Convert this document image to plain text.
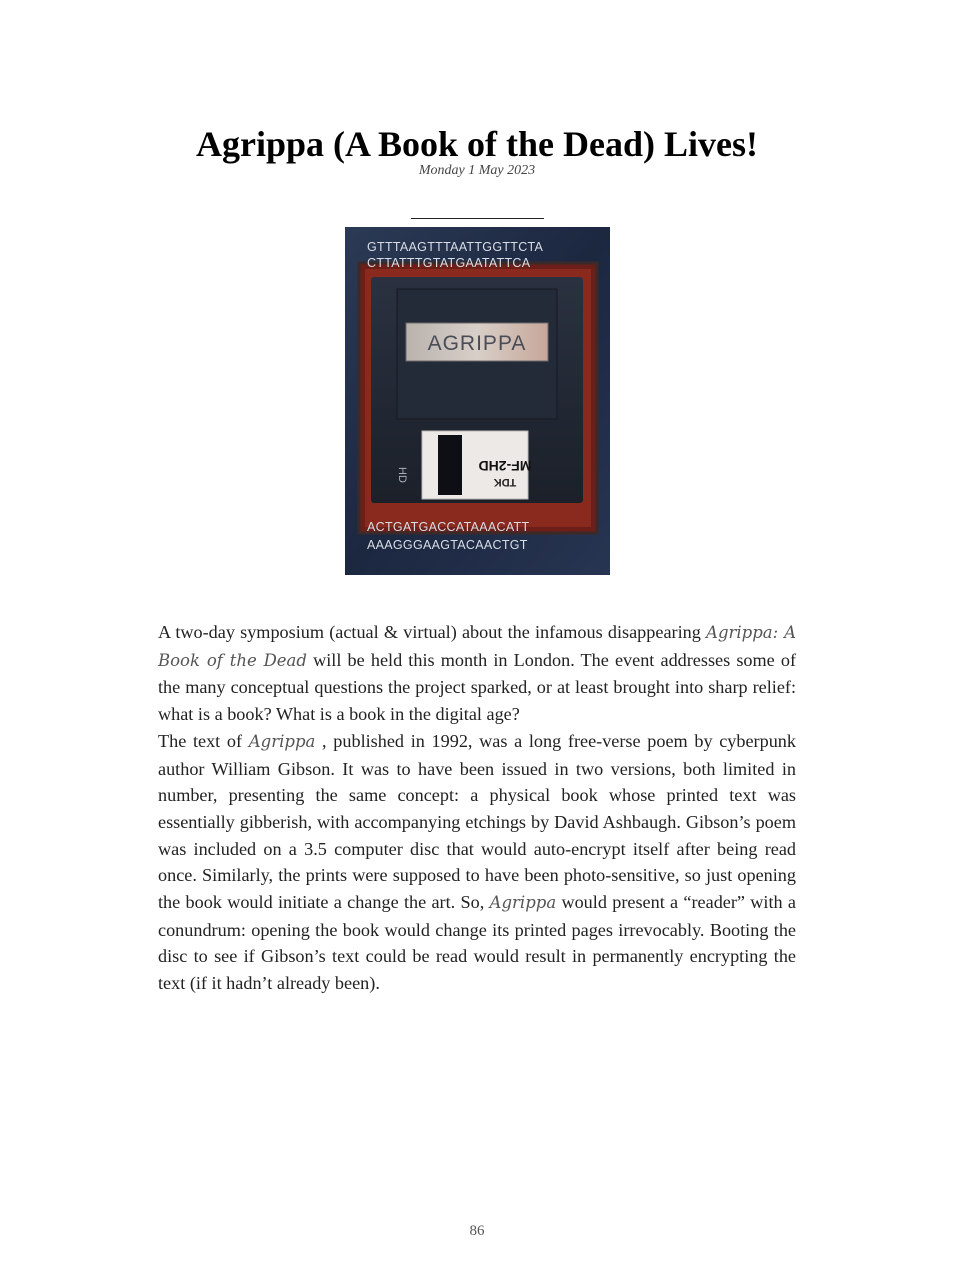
Agrippa (A Book of the Dead) Lives!
Monday 1 May 2023
AGRIPPA
TDK
MF-2HD
HD
GTTTAAGTTTAATTGGTTCTA
CTTATTTGTATGAATATTCA
ACTGATGACCATAAACATT
AAAGGGAAGTACAACTGT

A two-day symposium (actual & virtual) about the infamous disappearing Agrippa: A Book of the Dead will be held this month in London. The event addresses some of the many conceptual questions the project sparked, or at least brought into sharp relief: what is a book? What is a book in the digital age?

The text of Agrippa , published in 1992, was a long free-verse poem by cyberpunk author William Gibson. It was to have been issued in two versions, both limited in number, presenting the same concept: a physical book whose printed text was essentially gibberish, with accompanying etchings by David Ashbaugh. Gibson’s poem was included on a 3.5 computer disc that would auto-encrypt itself after being read once. Similarly, the prints were supposed to have been photo-sensitive, so just opening the book would initiate a change the art. So, Agrippa would present a “reader” with a conundrum: opening the book would change its printed pages irrevocably. Booting the disc to see if Gibson’s text could be read would result in permanently encrypting the text (if it hadn’t already been).

86
